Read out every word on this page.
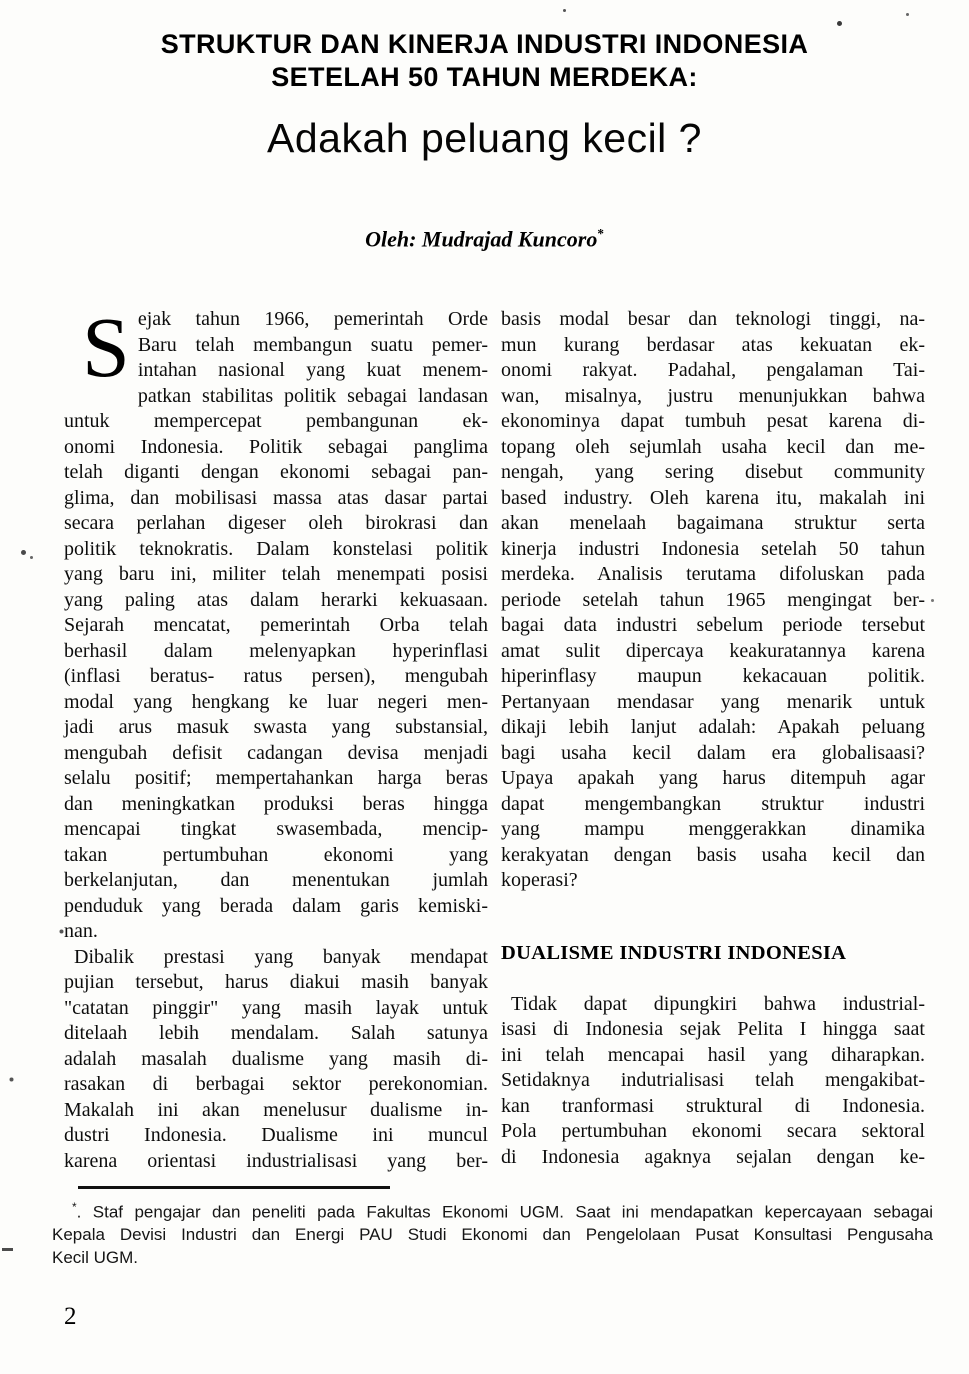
STRUKTUR DAN KINERJA INDUSTRI INDONESIA
SETELAH 50 TAHUN MERDEKA:
Adakah peluang kecil ?
Oleh: Mudrajad Kuncoro*
S ejak tahun 1966, pemerintah Orde
Baru telah membangun suatu pemer-
intahan nasional yang kuat menem-
patkan stabilitas politik sebagai landasan
untuk mempercepat pembangunan ek-
onomi Indonesia. Politik sebagai panglima
telah diganti dengan ekonomi sebagai pan-
glima, dan mobilisasi massa atas dasar partai
secara perlahan digeser oleh birokrasi dan
politik teknokratis. Dalam konstelasi politik
yang baru ini, militer telah menempati posisi
yang paling atas dalam herarki kekuasaan.
Sejarah mencatat, pemerintah Orba telah
berhasil dalam melenyapkan hyperinflasi
(inflasi beratus- ratus persen), mengubah
modal yang hengkang ke luar negeri men-
jadi arus masuk swasta yang substansial,
mengubah defisit cadangan devisa menjadi
selalu positif; mempertahankan harga beras
dan meningkatkan produksi beras hingga
mencapai tingkat swasembada, mencip-
takan pertumbuhan ekonomi yang
berkelanjutan, dan menentukan jumlah
penduduk yang berada dalam garis kemiski-
nan.
Dibalik prestasi yang banyak mendapat
pujian tersebut, harus diakui masih banyak
"catatan pinggir" yang masih layak untuk
ditelaah lebih mendalam. Salah satunya
adalah masalah dualisme yang masih di-
rasakan di berbagai sektor perekonomian.
Makalah ini akan menelusur dualisme in-
dustri Indonesia. Dualisme ini muncul
karena orientasi industrialisasi yang ber-
basis modal besar dan teknologi tinggi, na-
mun kurang berdasar atas kekuatan ek-
onomi rakyat. Padahal, pengalaman Tai-
wan, misalnya, justru menunjukkan bahwa
ekonominya dapat tumbuh pesat karena di-
topang oleh sejumlah usaha kecil dan me-
nengah, yang sering disebut community
based industry. Oleh karena itu, makalah ini
akan menelaah bagaimana struktur serta
kinerja industri Indonesia setelah 50 tahun
merdeka. Analisis terutama difoluskan pada
periode setelah tahun 1965 mengingat ber-
bagai data industri sebelum periode tersebut
amat sulit dipercaya keakuratannya karena
hiperinflasy maupun kekacauan politik.
Pertanyaan mendasar yang menarik untuk
dikaji lebih lanjut adalah: Apakah peluang
bagi usaha kecil dalam era globalisaasi?
Upaya apakah yang harus ditempuh agar
dapat mengembangkan struktur industri
yang mampu menggerakkan dinamika
kerakyatan dengan basis usaha kecil dan
koperasi?
DUALISME INDUSTRI INDONESIA
Tidak dapat dipungkiri bahwa industrial-
isasi di Indonesia sejak Pelita I hingga saat
ini telah mencapai hasil yang diharapkan.
Setidaknya indutrialisasi telah mengakibat-
kan tranformasi struktural di Indonesia.
Pola pertumbuhan ekonomi secara sektoral
di Indonesia agaknya sejalan dengan ke-
*. Staf pengajar dan peneliti pada Fakultas Ekonomi UGM. Saat ini mendapatkan kepercayaan sebagai
Kepala Devisi Industri dan Energi PAU Studi Ekonomi dan Pengelolaan Pusat Konsultasi Pengusaha
Kecil UGM.
2
